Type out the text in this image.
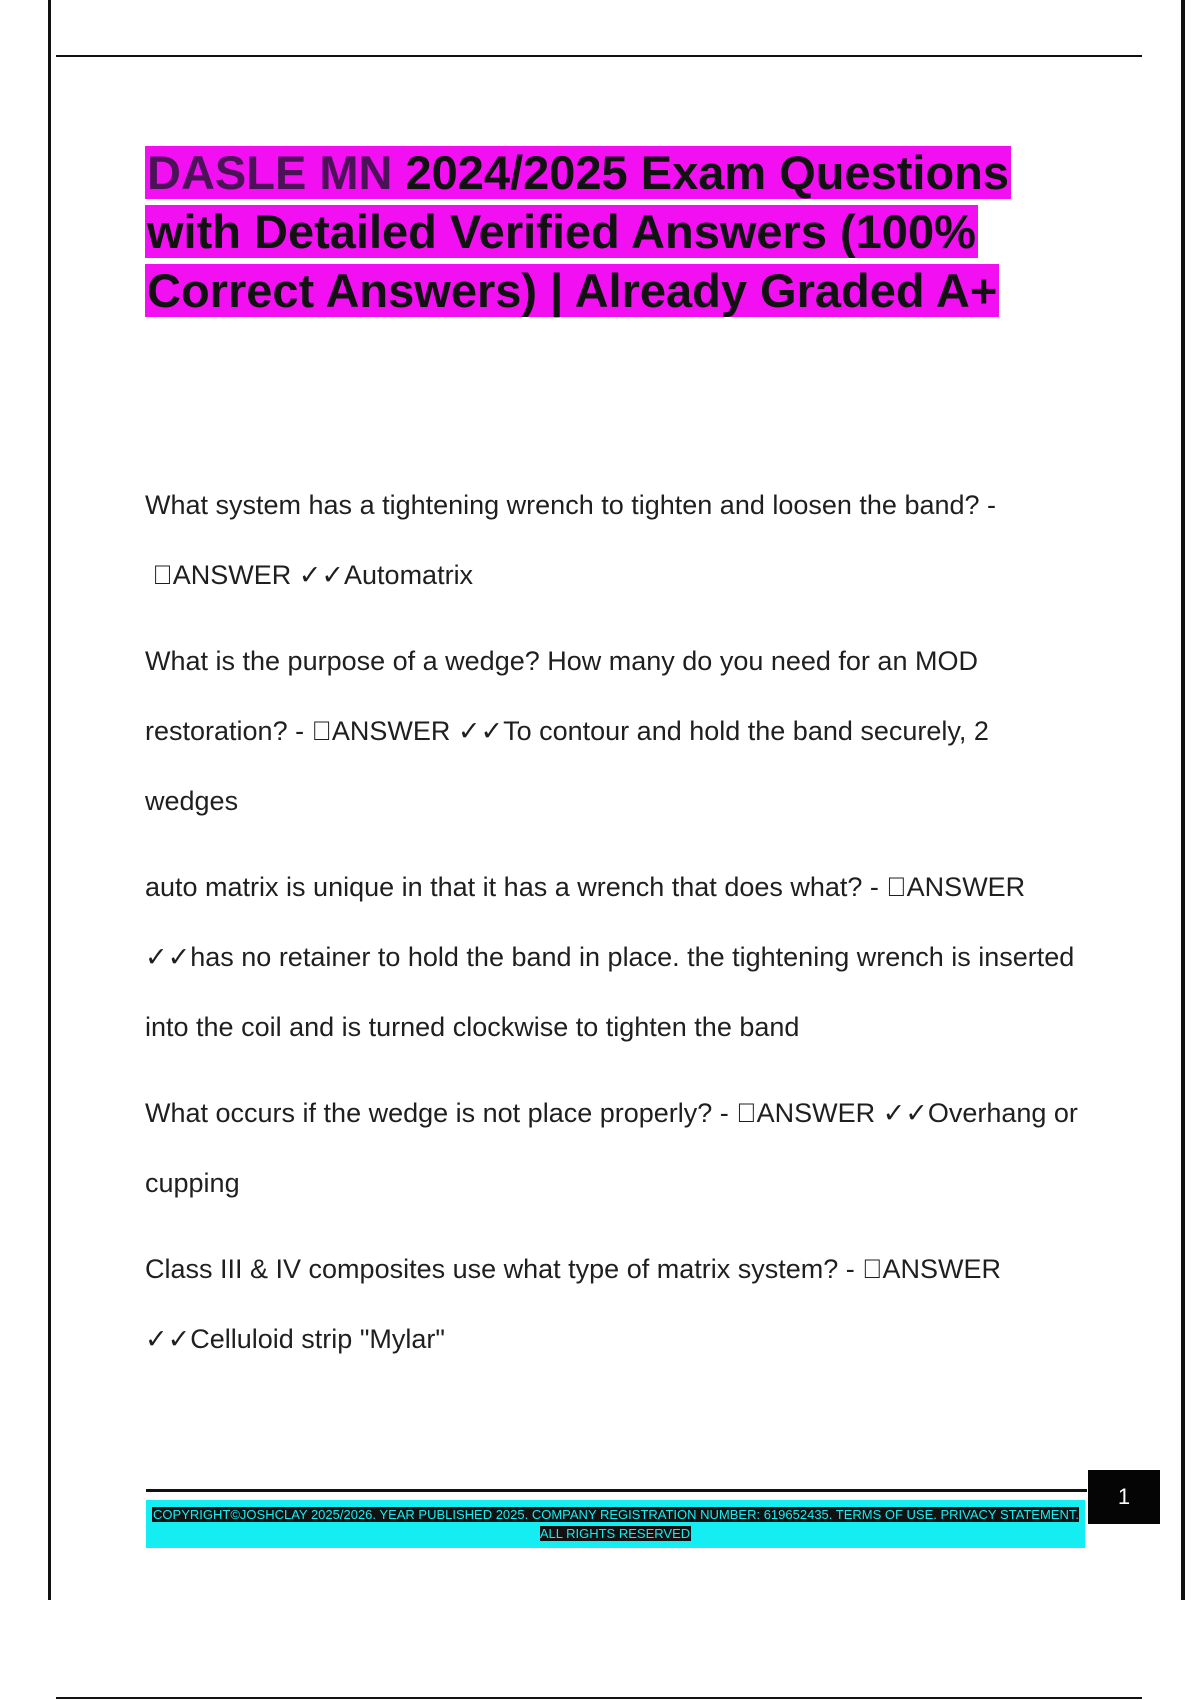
DASLE MN 2024/2025 Exam Questions with Detailed Verified Answers (100% Correct Answers) | Already Graded A+

What system has a tightening wrench to tighten and loosen the band? -  ANSWER ✓✓Automatrix

What is the purpose of a wedge? How many do you need for an MOD restoration? -  ANSWER ✓✓To contour and hold the band securely, 2 wedges

auto matrix is unique in that it has a wrench that does what? -  ANSWER ✓✓has no retainer to hold the band in place. the tightening wrench is inserted into the coil and is turned clockwise to tighten the band

What occurs if the wedge is not place properly? -  ANSWER ✓✓Overhang or cupping

Class III & IV composites use what type of matrix system? -  ANSWER ✓✓Celluloid strip "Mylar"

COPYRIGHT©JOSHCLAY 2025/2026. YEAR PUBLISHED 2025. COMPANY REGISTRATION NUMBER: 619652435. TERMS OF USE. PRIVACY STATEMENT. ALL RIGHTS RESERVED
1
